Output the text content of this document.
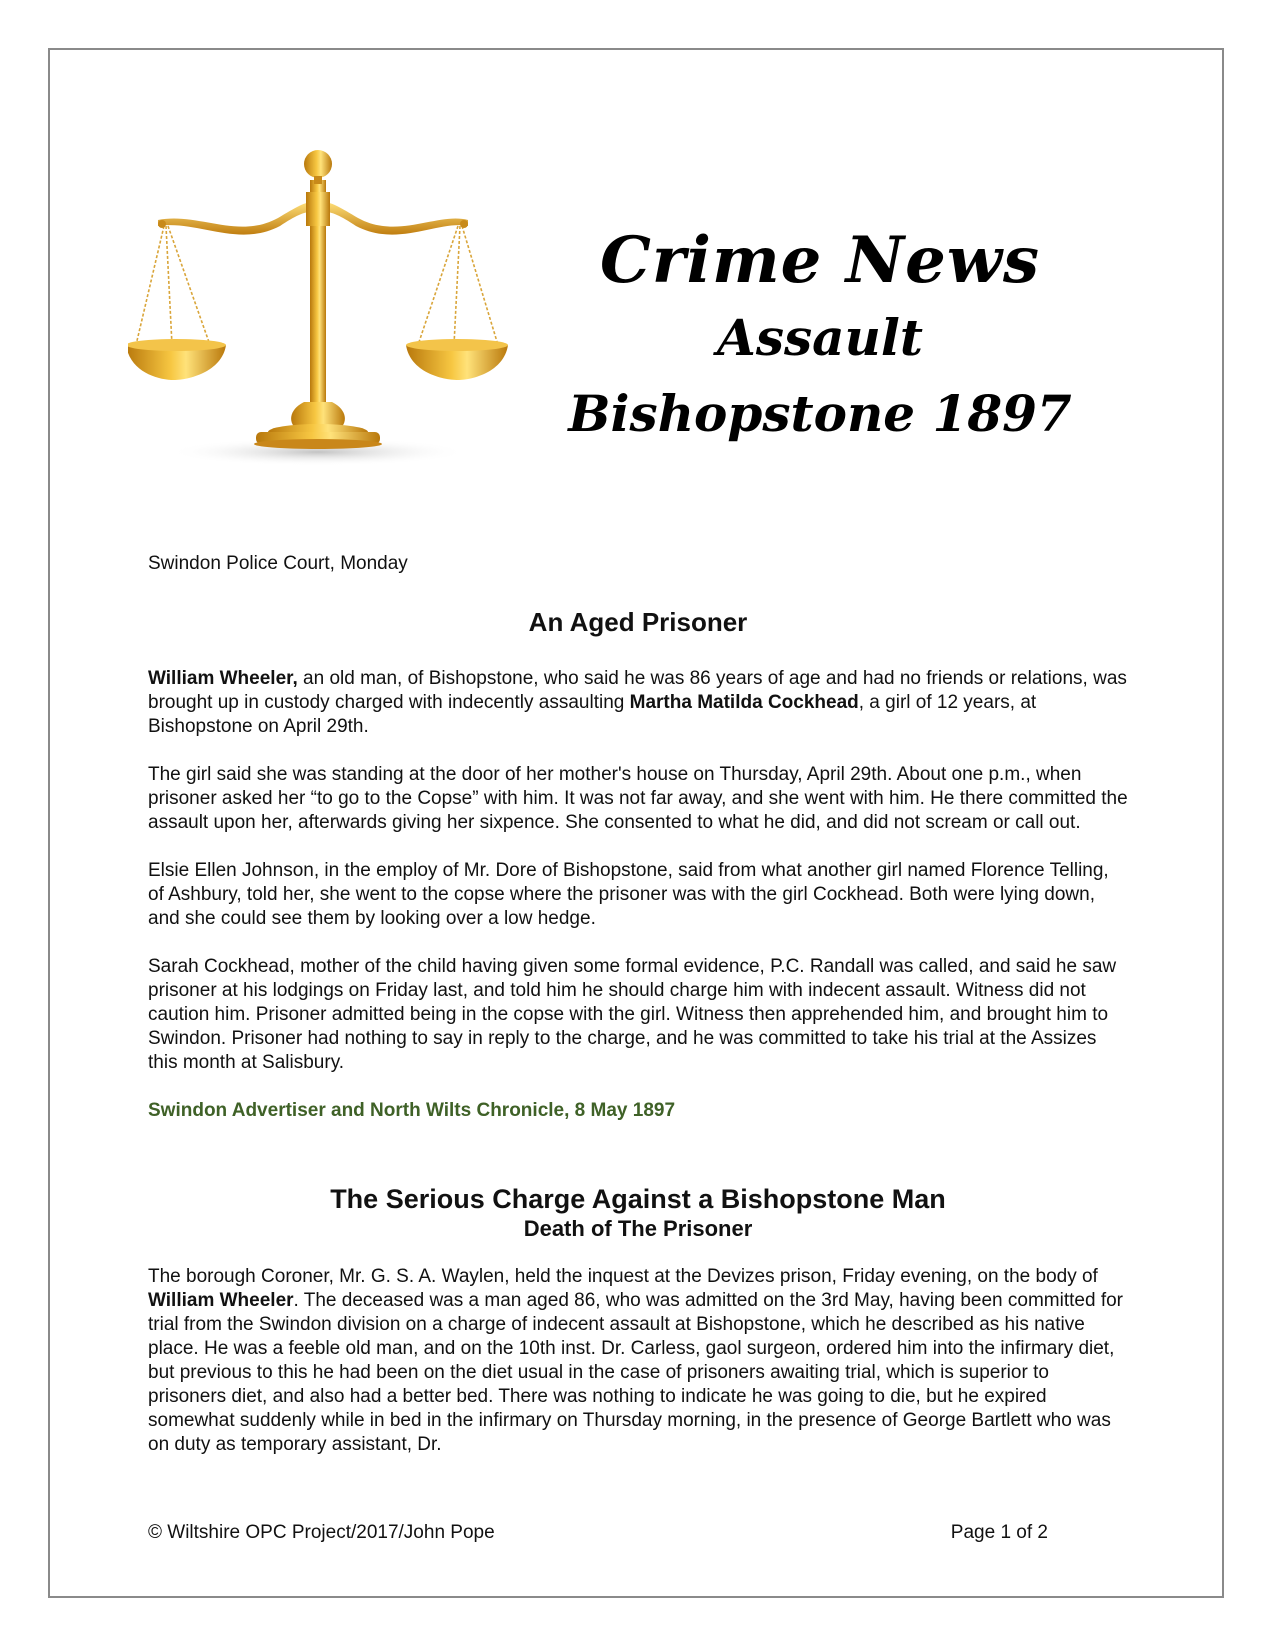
Crime News
Assault
Bishopstone 1897

Swindon Police Court, Monday

An Aged Prisoner

William Wheeler, an old man, of Bishopstone, who said he was 86 years of age and had no friends or relations, was brought up in custody charged with indecently assaulting Martha Matilda Cockhead, a girl of 12 years, at Bishopstone on April 29th.

The girl said she was standing at the door of her mother's house on Thursday, April 29th. About one p.m., when prisoner asked her “to go to the Copse” with him. It was not far away, and she went with him. He there committed the assault upon her, afterwards giving her sixpence. She consented to what he did, and did not scream or call out.

Elsie Ellen Johnson, in the employ of Mr. Dore of Bishopstone, said from what another girl named Florence Telling, of Ashbury, told her, she went to the copse where the prisoner was with the girl Cockhead. Both were lying down, and she could see them by looking over a low hedge.

Sarah Cockhead, mother of the child having given some formal evidence, P.C. Randall was called, and said he saw prisoner at his lodgings on Friday last, and told him he should charge him with indecent assault. Witness did not caution him. Prisoner admitted being in the copse with the girl. Witness then apprehended him, and brought him to Swindon. Prisoner had nothing to say in reply to the charge, and he was committed to take his trial at the Assizes this month at Salisbury.

Swindon Advertiser and North Wilts Chronicle, 8 May 1897

The Serious Charge Against a Bishopstone Man
Death of The Prisoner

The borough Coroner, Mr. G. S. A. Waylen, held the inquest at the Devizes prison, Friday evening, on the body of William Wheeler. The deceased was a man aged 86, who was admitted on the 3rd May, having been committed for trial from the Swindon division on a charge of indecent assault at Bishopstone, which he described as his native place. He was a feeble old man, and on the 10th inst. Dr. Carless, gaol surgeon, ordered him into the infirmary diet, but previous to this he had been on the diet usual in the case of prisoners awaiting trial, which is superior to prisoners diet, and also had a better bed. There was nothing to indicate he was going to die, but he expired somewhat suddenly while in bed in the infirmary on Thursday morning, in the presence of George Bartlett who was on duty as temporary assistant, Dr.

© Wiltshire OPC Project/2017/John Pope	Page 1 of 2
